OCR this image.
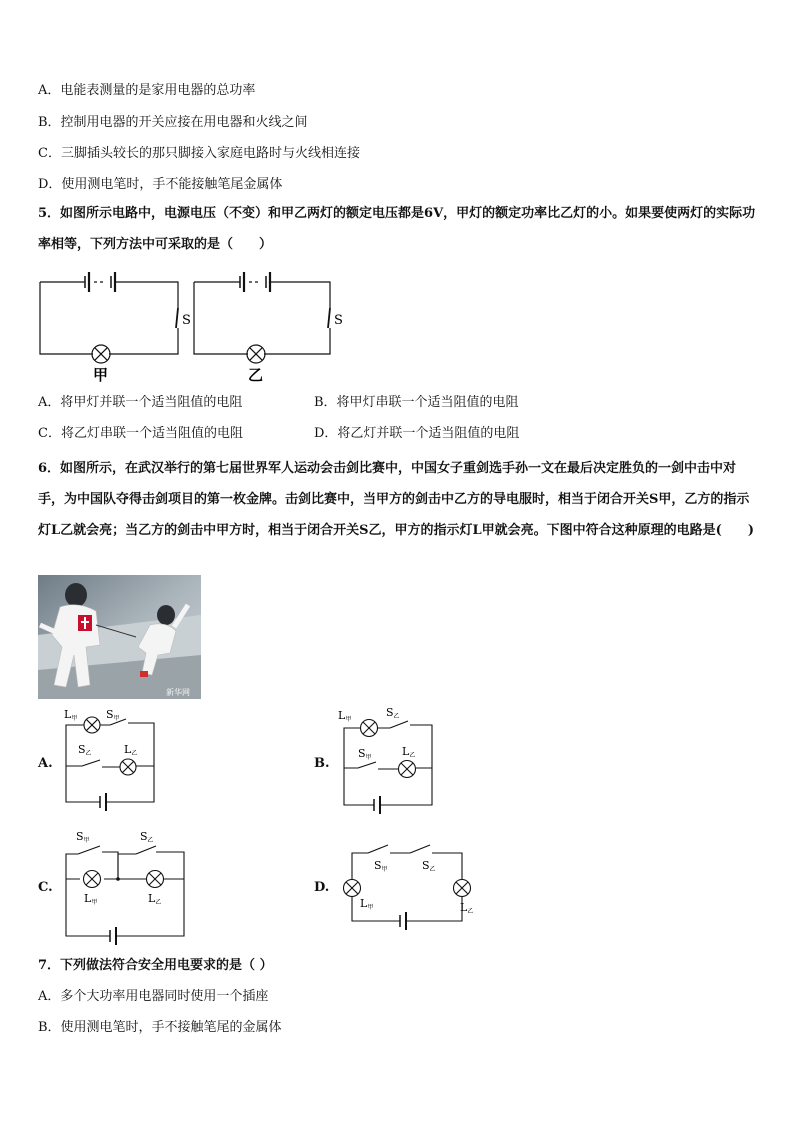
A．电能表测量的是家用电器的总功率
B．控制用电器的开关应接在用电器和火线之间
C．三脚插头较长的那只脚接入家庭电路时与火线相连接
D．使用测电笔时，手不能接触笔尾金属体
5．如图所示电路中，电源电压（不变）和甲乙两灯的额定电压都是6V，甲灯的额定功率比乙灯的小。如果要使两灯的实际功率相等，下列方法中可采取的是（　　）
S
甲
S
乙
A．将甲灯并联一个适当阻值的电阻	B．将甲灯串联一个适当阻值的电阻
C．将乙灯串联一个适当阻值的电阻	D．将乙灯并联一个适当阻值的电阻
6．如图所示，在武汉举行的第七届世界军人运动会击剑比赛中，中国女子重剑选手孙一文在最后决定胜负的一剑中击中对手，为中国队夺得击剑项目的第一枚金牌。击剑比赛中，当甲方的剑击中乙方的导电服时，相当于闭合开关S甲，乙方的指示灯L乙就会亮；当乙方的剑击中甲方时，相当于闭合开关S乙，甲方的指示灯L甲就会亮。下图中符合这种原理的电路是(　　)
新华网
A.
L甲	S甲
S乙	L乙
B.
L甲
S乙
S甲	L乙
C.
S甲	S乙
L甲	L乙
D.
S甲	S乙
L甲	L乙
7．下列做法符合安全用电要求的是（ ）
A．多个大功率用电器同时使用一个插座
B．使用测电笔时，手不接触笔尾的金属体
